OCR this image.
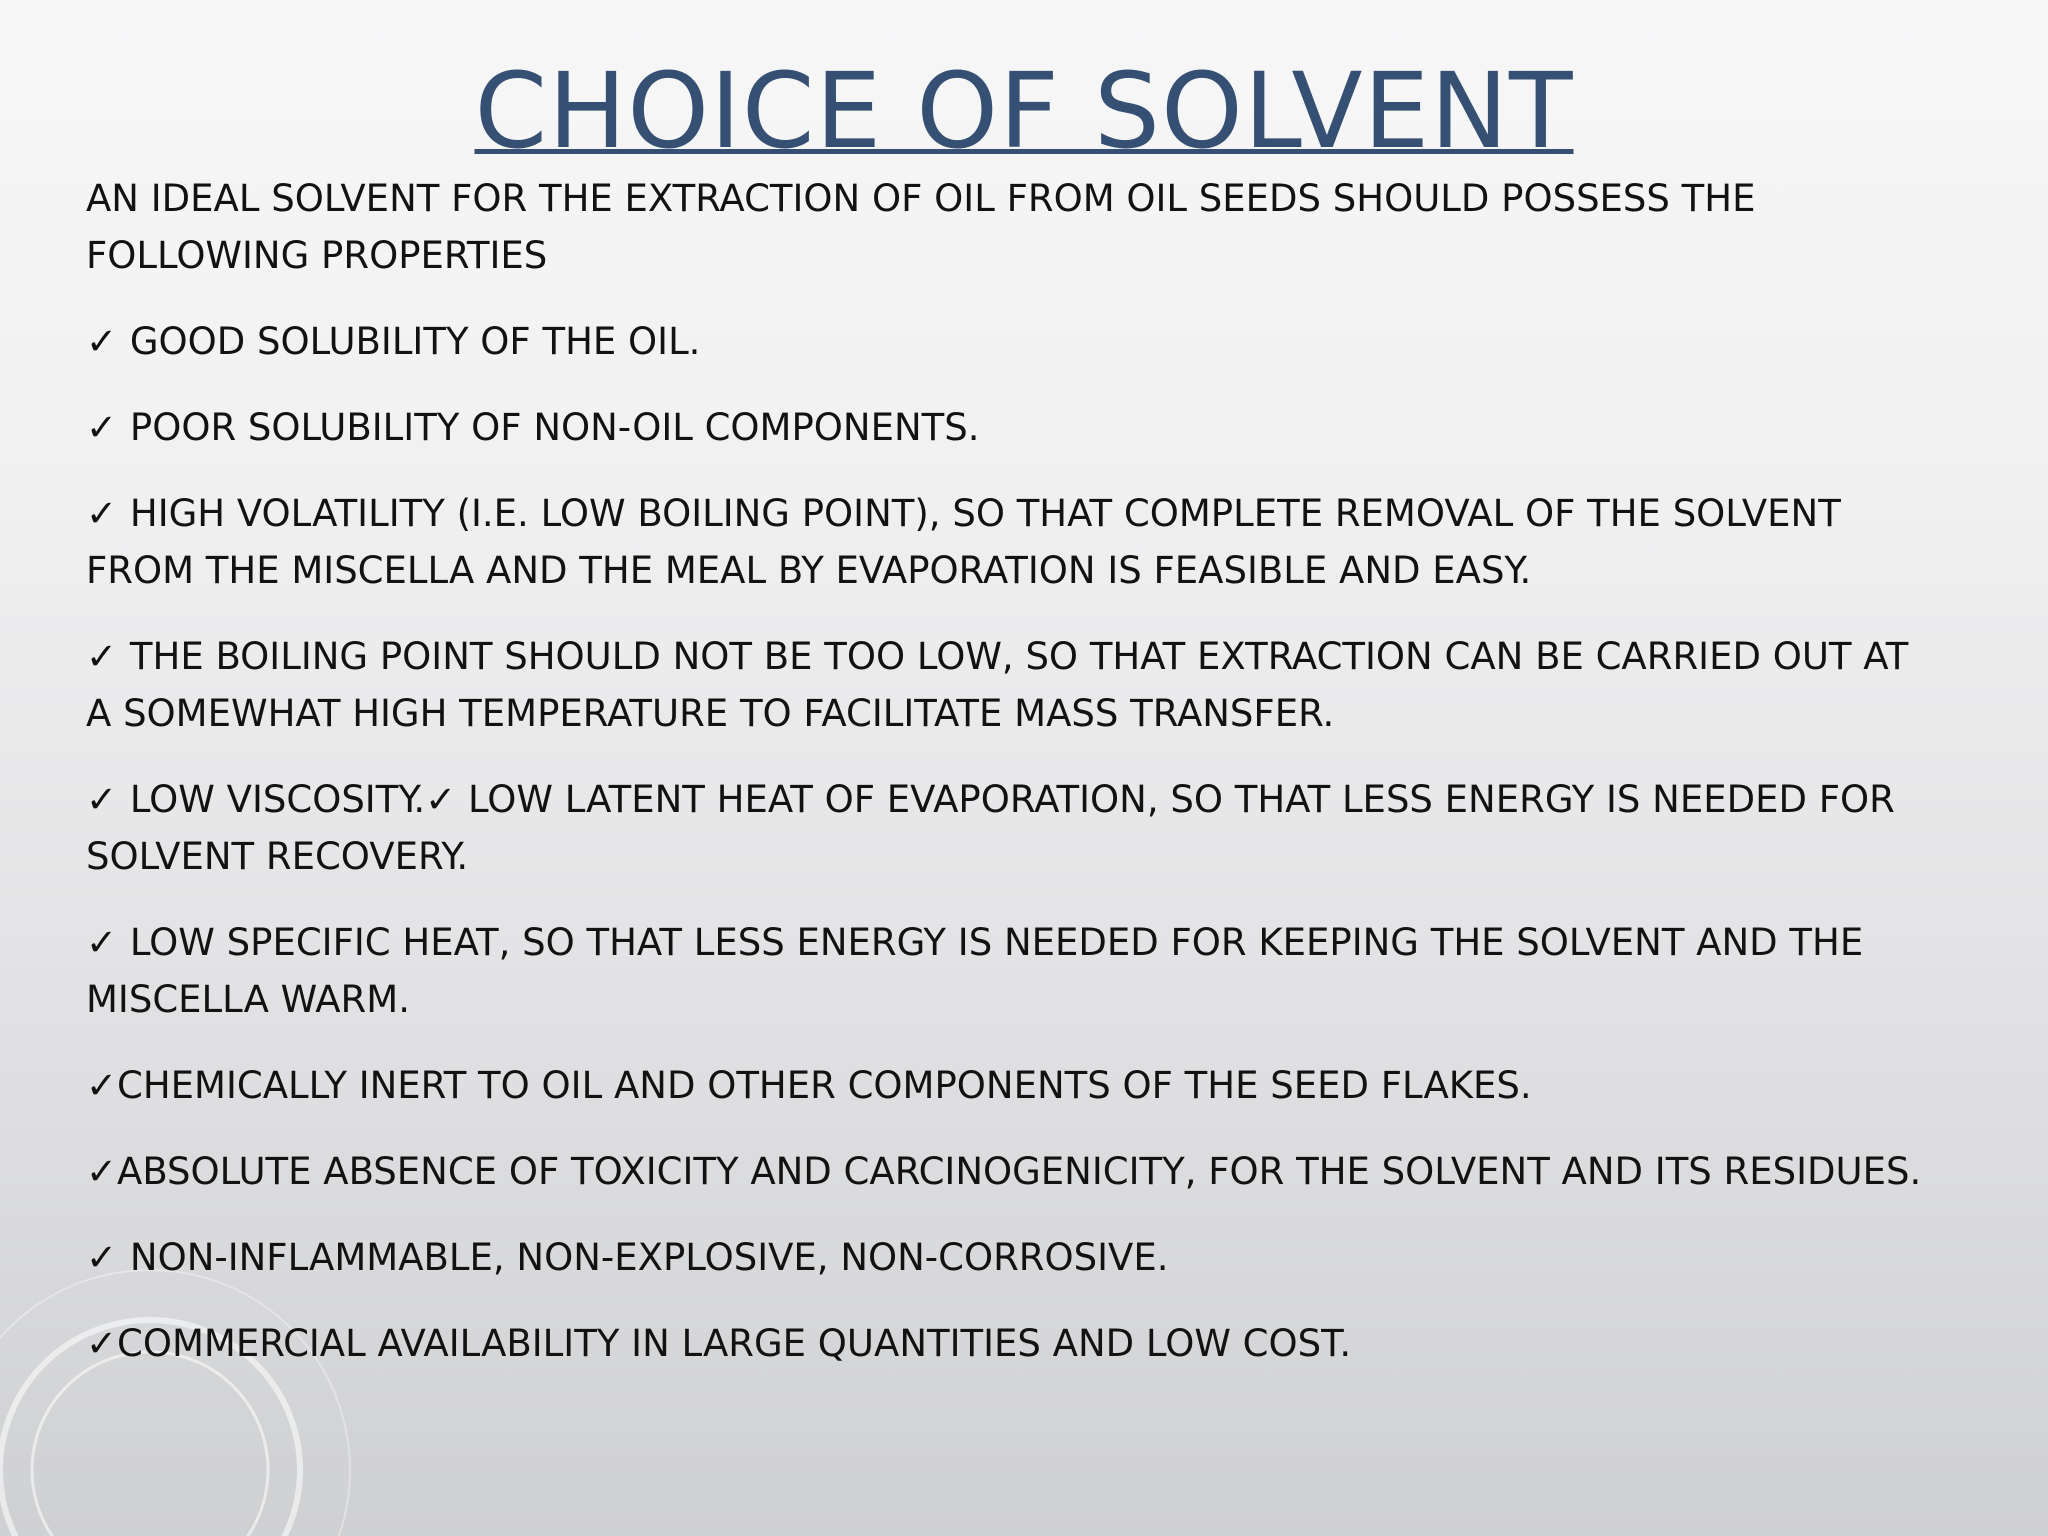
CHOICE OF SOLVENT

AN IDEAL SOLVENT FOR THE EXTRACTION OF OIL FROM OIL SEEDS SHOULD POSSESS THE FOLLOWING PROPERTIES

✓ GOOD SOLUBILITY OF THE OIL.

✓ POOR SOLUBILITY OF NON-OIL COMPONENTS.

✓ HIGH VOLATILITY (I.E. LOW BOILING POINT), SO THAT COMPLETE REMOVAL OF THE SOLVENT FROM THE MISCELLA AND THE MEAL BY EVAPORATION IS FEASIBLE AND EASY.

✓ THE BOILING POINT SHOULD NOT BE TOO LOW, SO THAT EXTRACTION CAN BE CARRIED OUT AT A SOMEWHAT HIGH TEMPERATURE TO FACILITATE MASS TRANSFER.

✓ LOW VISCOSITY.✓ LOW LATENT HEAT OF EVAPORATION, SO THAT LESS ENERGY IS NEEDED FOR SOLVENT RECOVERY.

✓ LOW SPECIFIC HEAT, SO THAT LESS ENERGY IS NEEDED FOR KEEPING THE SOLVENT AND THE MISCELLA WARM.

✓CHEMICALLY INERT TO OIL AND OTHER COMPONENTS OF THE SEED FLAKES.

✓ABSOLUTE ABSENCE OF TOXICITY AND CARCINOGENICITY, FOR THE SOLVENT AND ITS RESIDUES.

✓ NON-INFLAMMABLE, NON-EXPLOSIVE, NON-CORROSIVE.

✓COMMERCIAL AVAILABILITY IN LARGE QUANTITIES AND LOW COST.
